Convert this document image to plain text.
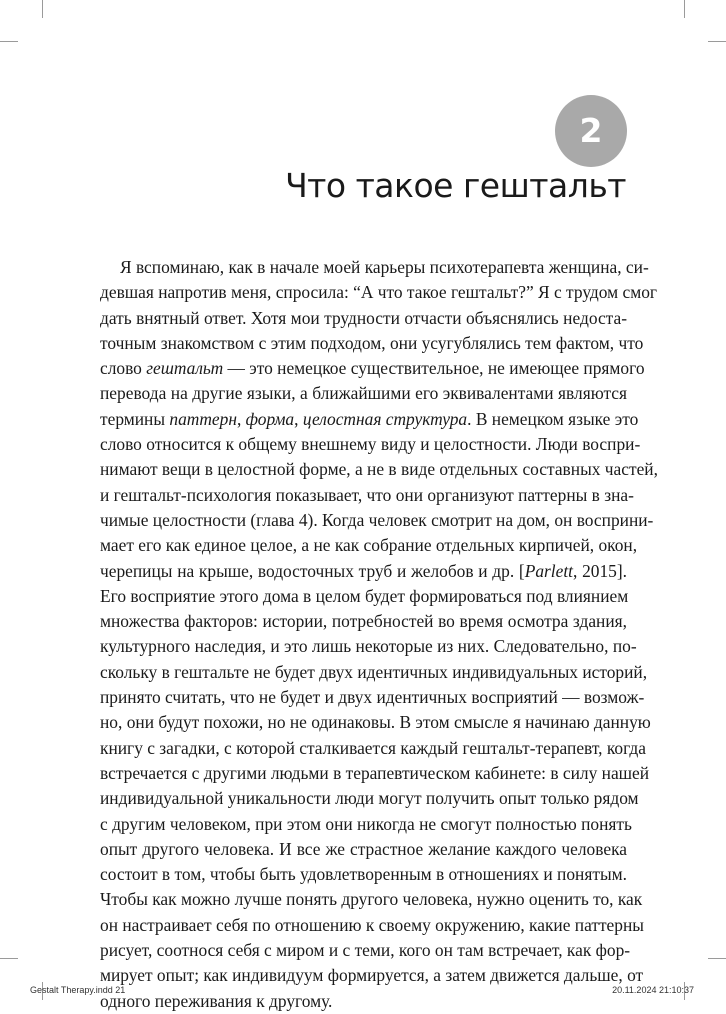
2
Что такое гештальт
Я вспоминаю, как в начале моей карьеры психотерапевта женщина, си-
девшая напротив меня, спросила: “А что такое гештальт?” Я с трудом смог
дать внятный ответ. Хотя мои трудности отчасти объяснялись недоста-
точным знакомством с этим подходом, они усугублялись тем фактом, что
слово гештальт — это немецкое существительное, не имеющее прямого
перевода на другие языки, а ближайшими его эквивалентами являются
термины паттерн, форма, целостная структура. В немецком языке это
слово относится к общему внешнему виду и целостности. Люди воспри-
нимают вещи в целостной форме, а не в виде отдельных составных частей,
и гештальт-психология показывает, что они организуют паттерны в зна-
чимые целостности (глава 4). Когда человек смотрит на дом, он восприни-
мает его как единое целое, а не как собрание отдельных кирпичей, окон,
черепицы на крыше, водосточных труб и желобов и др. [Parlett, 2015].
Его восприятие этого дома в целом будет формироваться под влиянием
множества факторов: истории, потребностей во время осмотра здания,
культурного наследия, и это лишь некоторые из них. Следовательно, по-
скольку в гештальте не будет двух идентичных индивидуальных историй,
принято считать, что не будет и двух идентичных восприятий — возмож-
но, они будут похожи, но не одинаковы. В этом смысле я начинаю данную
книгу с загадки, с которой сталкивается каждый гештальт-терапевт, когда
встречается с другими людьми в терапевтическом кабинете: в силу нашей
индивидуальной уникальности люди могут получить опыт только рядом
с другим человеком, при этом они никогда не смогут полностью понять
опыт другого человека. И все же страстное желание каждого человека
состоит в том, чтобы быть удовлетворенным в отношениях и понятым.
Чтобы как можно лучше понять другого человека, нужно оценить то, как
он настраивает себя по отношению к своему окружению, какие паттерны
рисует, соотнося себя с миром и с теми, кого он там встречает, как фор-
мирует опыт; как индивидуум формируется, а затем движется дальше, от
одного переживания к другому.
Gestalt Therapy.indd 21	20.11.2024 21:10:37
